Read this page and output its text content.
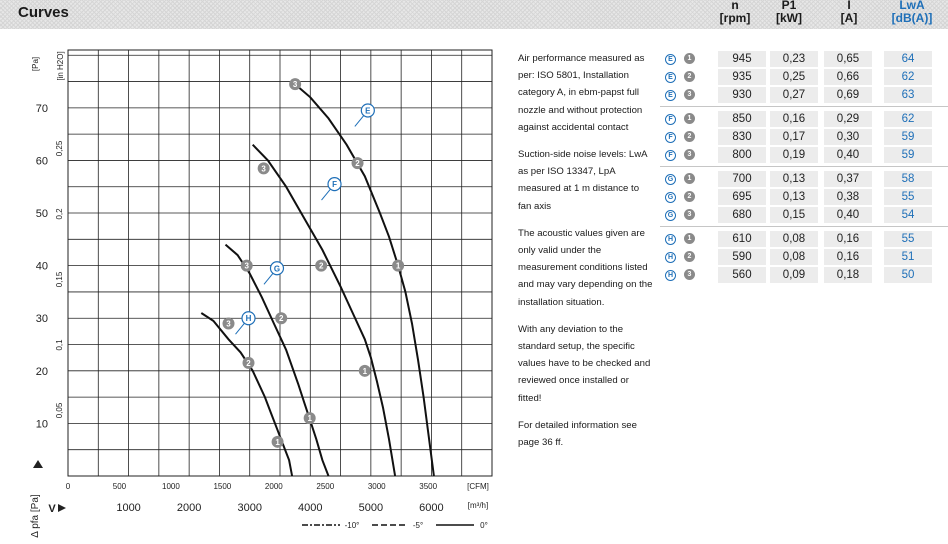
Curves	n
[rpm]
P1
[kW]
I
[A]
LwA
[dB(A)]
10
20
30
40
50
60
70
0,05
0,1
0,15
0,2
0,25
[Pa] [in H2O]
Δ pfa [Pa]
0	500	1000	1500	2000	2500	3000	3500	[CFM]
1000	2000	3000	4000	5000	6000	[m³/h]
V
1
2
3
1
2
3
1
2
3
1
2
3
E
F
G
H
-10°	-5°	0°

Air performance measured as per: ISO 5801, Installation category A, in ebm-papst full nozzle and without protection against accidental contact

Suction-side noise levels: LwA as per ISO 13347, LpA measured at 1 m distance to fan axis

The acoustic values given are only valid under the measurement conditions listed and may vary depending on the installation situation.

With any deviation to the standard setup, the specific values have to be checked and reviewed once installed or fitted!

For detailed information see page 36 ff.

E	1	945	0,23	0,65	64
E	2	935	0,25	0,66	62
E	3	930	0,27	0,69	63
F	1	850	0,16	0,29	62
F	2	830	0,17	0,30	59
F	3	800	0,19	0,40	59
G	1	700	0,13	0,37	58
G	2	695	0,13	0,38	55
G	3	680	0,15	0,40	54
H	1	610	0,08	0,16	55
H	2	590	0,08	0,16	51
H	3	560	0,09	0,18	50
